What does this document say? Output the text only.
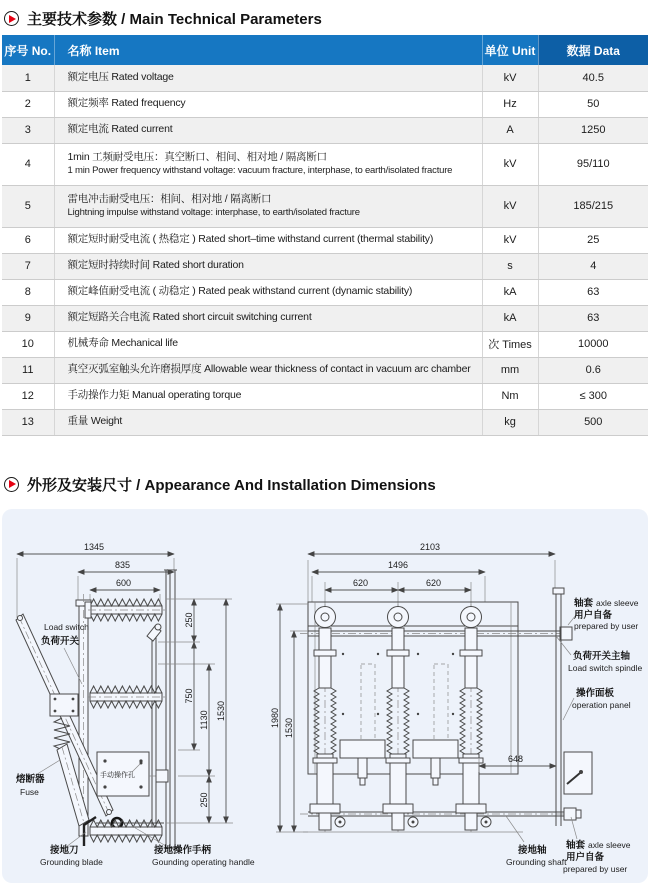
主要技术参数 / Main Technical Parameters
序号 No.	名称 Item	单位 Unit	数据 Data
1	额定电压 Rated voltage	kV	40.5
2	额定频率 Rated frequency	Hz	50
3	额定电流 Rated current	A	1250
4	1min 工频耐受电压：真空断口、相间、相对地 / 隔离断口
1 min Power frequency withstand voltage: vacuum fracture, interphase, to earth/isolated fracture	kV	95/110
5	雷电冲击耐受电压：相间、相对地 / 隔离断口
Lightning impulse withstand voltage: interphase, to earth/isolated fracture	kV	185/215
6	额定短时耐受电流 ( 热稳定 ) Rated short–time withstand current (thermal stability)	kV	25
7	额定短时持续时间 Rated short duration	s	4
8	额定峰值耐受电流 ( 动稳定 ) Rated peak withstand current (dynamic stability)	kA	63
9	额定短路关合电流 Rated short circuit switching current	kA	63
10	机械寿命 Mechanical life	次 Times	10000
11	真空灭弧室触头允许磨损厚度 Allowable wear thickness of contact in vacuum arc chamber	mm	0.6
12	手动操作力矩 Manual operating torque	Nm	≤ 300
13	重量 Weight	kg	500
外形及安装尺寸 / Appearance And Installation Dimensions
1345
835
600
熔断器
Fuse
Load switch
负荷开关
手动操作孔
接地刀
Grounding blade
接地操作手柄
Gounding operating handle
250
750
1130
250
1530
2103
1496
620	620
648
1980 1530
轴套 axle sleeve
用户自备
prepared by user
负荷开关主轴
Load switch spindle
操作面板
operation panel
接地轴
Grounding shaft
轴套 axle sleeve
用户自备
prepared by user
